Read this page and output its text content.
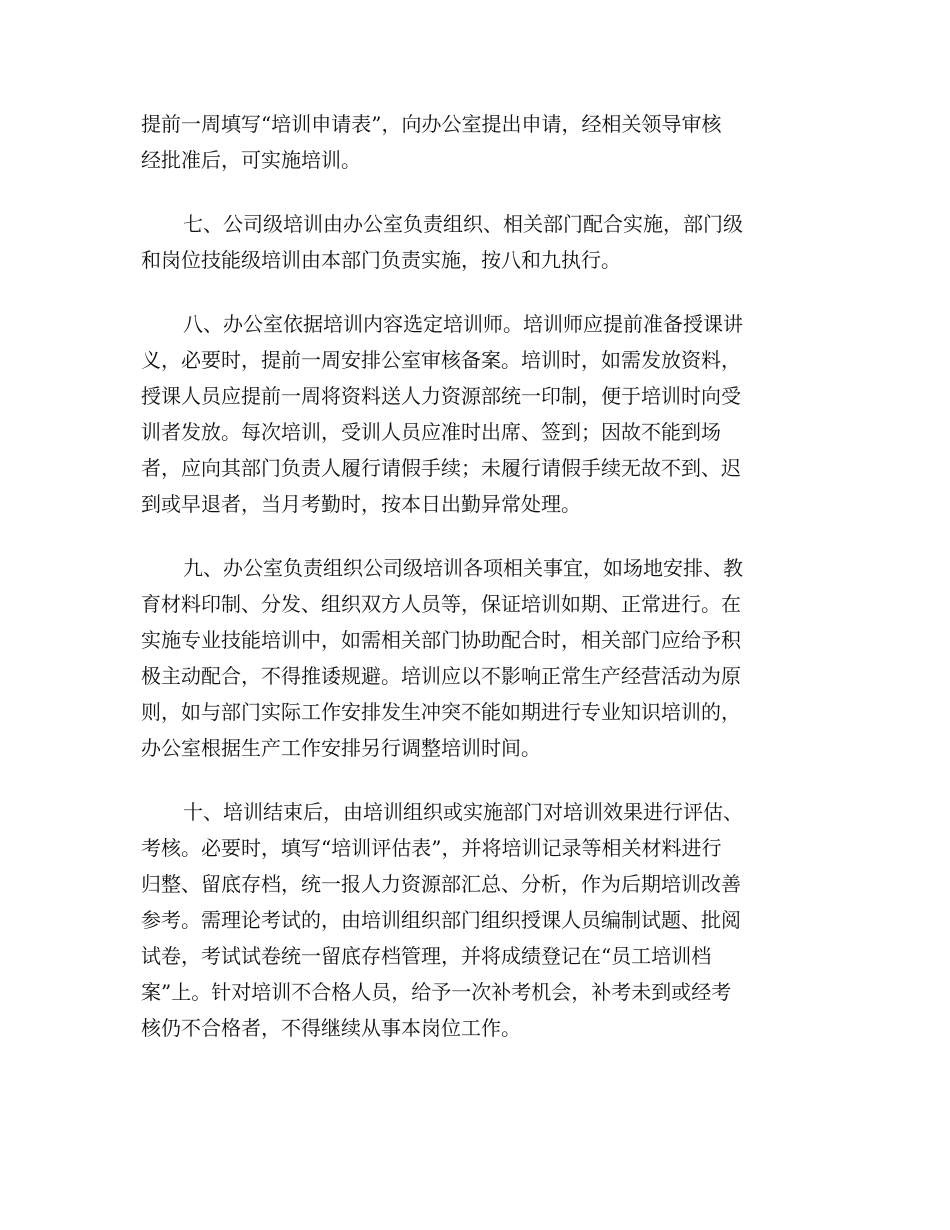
提前一周填写“培训申请表”，向办公室提出申请，经相关领导审核
经批准后，可实施培训。

七、公司级培训由办公室负责组织、相关部门配合实施，部门级
和岗位技能级培训由本部门负责实施，按八和九执行。

八、办公室依据培训内容选定培训师。培训师应提前准备授课讲
义，必要时，提前一周安排公室审核备案。培训时，如需发放资料，
授课人员应提前一周将资料送人力资源部统一印制，便于培训时向受
训者发放。每次培训，受训人员应准时出席、签到；因故不能到场
者，应向其部门负责人履行请假手续；未履行请假手续无故不到、迟
到或早退者，当月考勤时，按本日出勤异常处理。

九、办公室负责组织公司级培训各项相关事宜，如场地安排、教
育材料印制、分发、组织双方人员等，保证培训如期、正常进行。在
实施专业技能培训中，如需相关部门协助配合时，相关部门应给予积
极主动配合，不得推诿规避。培训应以不影响正常生产经营活动为原
则，如与部门实际工作安排发生冲突不能如期进行专业知识培训的，
办公室根据生产工作安排另行调整培训时间。

十、培训结束后，由培训组织或实施部门对培训效果进行评估、
考核。必要时，填写“培训评估表”，并将培训记录等相关材料进行
归整、留底存档，统一报人力资源部汇总、分析，作为后期培训改善
参考。需理论考试的，由培训组织部门组织授课人员编制试题、批阅
试卷，考试试卷统一留底存档管理，并将成绩登记在“员工培训档
案”上。针对培训不合格人员，给予一次补考机会，补考未到或经考
核仍不合格者，不得继续从事本岗位工作。
